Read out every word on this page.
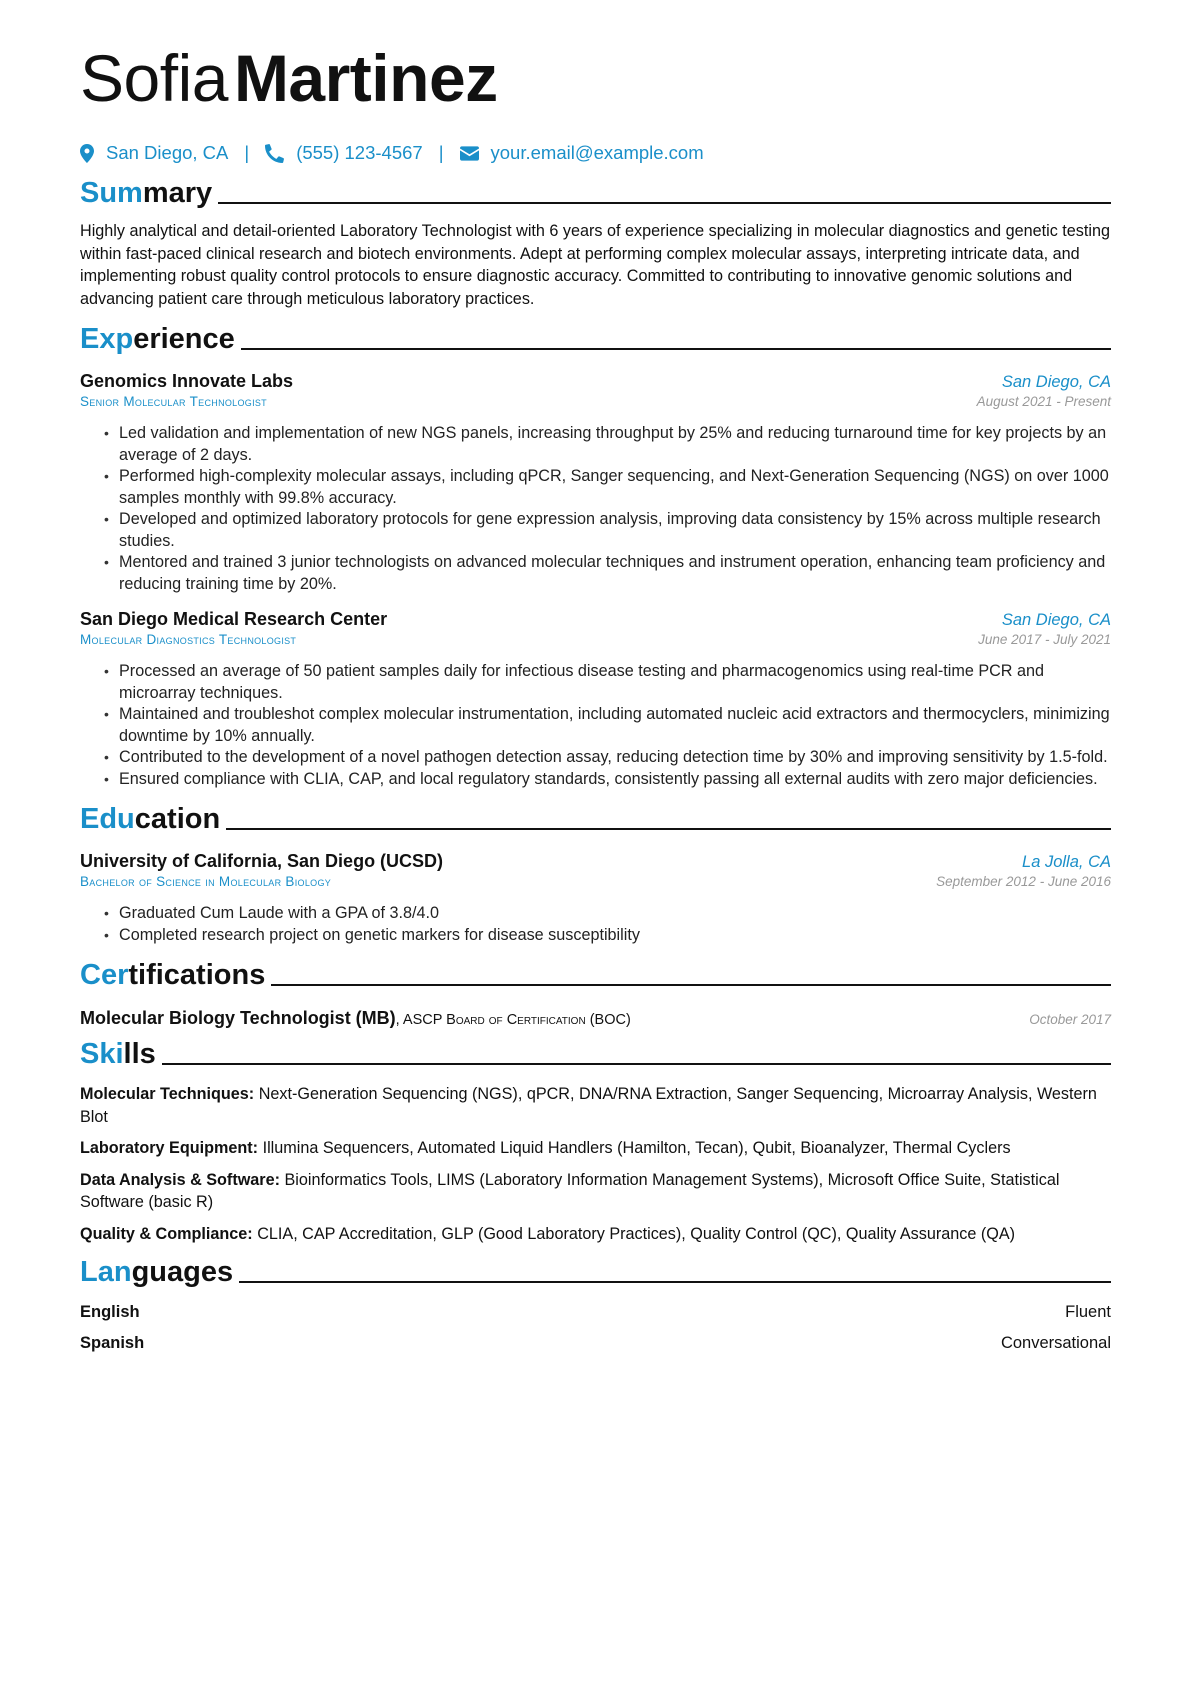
SofiaMartinez
San Diego, CA |	(555) 123-4567 |	your.email@example.com
Summary

Highly analytical and detail-oriented Laboratory Technologist with 6 years of experience specializing in molecular diagnostics and genetic testing within fast-paced clinical research and biotech environments. Adept at performing complex molecular assays, interpreting intricate data, and implementing robust quality control protocols to ensure diagnostic accuracy. Committed to contributing to innovative genomic solutions and advancing patient care through meticulous laboratory practices.

Experience
Genomics Innovate Labs	San Diego, CA
Senior Molecular Technologist	August 2021 - Present
• Led validation and implementation of new NGS panels, increasing throughput by 25% and reducing turnaround time for key projects by an average of 2 days.
• Performed high-complexity molecular assays, including qPCR, Sanger sequencing, and Next-Generation Sequencing (NGS) on over 1000 samples monthly with 99.8% accuracy.
• Developed and optimized laboratory protocols for gene expression analysis, improving data consistency by 15% across multiple research studies.
• Mentored and trained 3 junior technologists on advanced molecular techniques and instrument operation, enhancing team proficiency and reducing training time by 20%.
San Diego Medical Research Center	San Diego, CA
Molecular Diagnostics Technologist	June 2017 - July 2021
• Processed an average of 50 patient samples daily for infectious disease testing and pharmacogenomics using real-time PCR and microarray techniques.
• Maintained and troubleshot complex molecular instrumentation, including automated nucleic acid extractors and thermocyclers, minimizing downtime by 10% annually.
• Contributed to the development of a novel pathogen detection assay, reducing detection time by 30% and improving sensitivity by 1.5-fold.
• Ensured compliance with CLIA, CAP, and local regulatory standards, consistently passing all external audits with zero major deficiencies.
Education
University of California, San Diego (UCSD)	La Jolla, CA
Bachelor of Science in Molecular Biology	September 2012 - June 2016
• Graduated Cum Laude with a GPA of 3.8/4.0
• Completed research project on genetic markers for disease susceptibility
Certifications
Molecular Biology Technologist (MB), ASCP Board of Certification (BOC)	October 2017
Skills

Molecular Techniques: Next-Generation Sequencing (NGS), qPCR, DNA/RNA Extraction, Sanger Sequencing, Microarray Analysis, Western Blot

Laboratory Equipment: Illumina Sequencers, Automated Liquid Handlers (Hamilton, Tecan), Qubit, Bioanalyzer, Thermal Cyclers

Data Analysis & Software: Bioinformatics Tools, LIMS (Laboratory Information Management Systems), Microsoft Office Suite, Statistical Software (basic R)

Quality & Compliance: CLIA, CAP Accreditation, GLP (Good Laboratory Practices), Quality Control (QC), Quality Assurance (QA)

Languages
English	Fluent
Spanish	Conversational
